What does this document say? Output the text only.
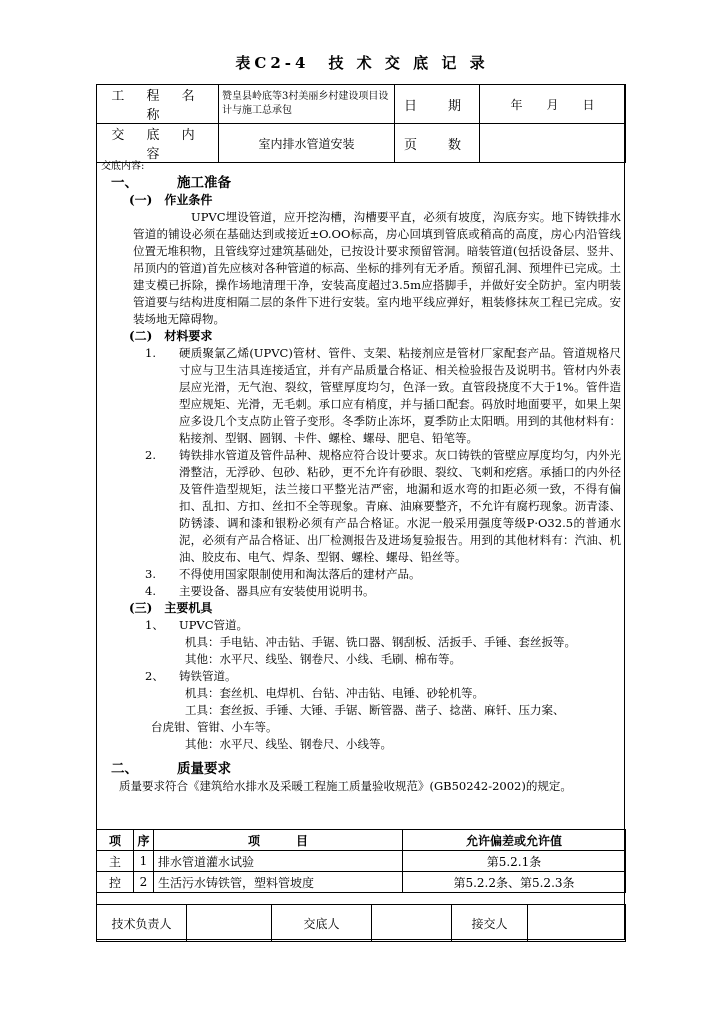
表C2-4　技 术 交 底 记 录
工 程 名 称	赞皇县岭底等3村美丽乡村建设项目设计与施工总承包	日　期	年　　月　　日
交 底 内 容	室内排水管道安装	页　数	

交底内容:

一、	施工准备

(一)　作业条件

UPVC埋设管道，应开挖沟槽，沟槽要平直，必须有坡度，沟底夯实。地下铸铁排水管道的铺设必须在基础达到或接近±O.OO标高，房心回填到管底或稍高的高度，房心内沿管线位置无堆积物，且管线穿过建筑基础处，已按设计要求预留管洞。暗装管道(包括设备层、竖井、吊顶内的管道)首先应核对各种管道的标高、坐标的排列有无矛盾。预留孔洞、预埋件已完成。土建支模已拆除，操作场地清理干净，安装高度超过3.5m应搭脚手，并做好安全防护。室内明装管道要与结构进度相隔二层的条件下进行安装。室内地平线应弹好，粗装修抹灰工程已完成。安装场地无障碍物。

(二)　材料要求

1. 硬质聚氯乙烯(UPVC)管材、管件、支架、粘接剂应是管材厂家配套产品。管道规格尺寸应与卫生洁具连接适宜，并有产品质量合格证、相关检验报告及说明书。管材内外表层应光滑，无气泡、裂纹，管壁厚度均匀，色泽一致。直管段挠度不大于1%。管件造型应规矩、光滑，无毛刺。承口应有梢度，并与插口配套。码放时地面要平，如果上架应多设几个支点防止管子变形。冬季防止冻坏，夏季防止太阳晒。用到的其他材料有：粘接剂、型钢、圆钢、卡件、螺栓、螺母、肥皂、铅笔等。
2. 铸铁排水管道及管件品种、规格应符合设计要求。灰口铸铁的管壁应厚度均匀，内外光滑整洁，无浮砂、包砂、粘砂，更不允许有砂眼、裂纹、飞刺和疙瘩。承插口的内外径及管件造型规矩，法兰接口平整光洁严密，地漏和返水弯的扣距必须一致，不得有偏扣、乱扣、方扣、丝扣不全等现象。青麻、油麻要整齐，不允许有腐朽现象。沥青漆、防锈漆、调和漆和银粉必须有产品合格证。水泥一般采用强度等级P·O32.5的普通水泥，必须有产品合格证、出厂检测报告及进场复验报告。用到的其他材料有：汽油、机油、胶皮布、电气、焊条、型钢、螺栓、螺母、铅丝等。
3. 不得使用国家限制使用和淘汰落后的建材产品。
4. 主要设备、器具应有安装使用说明书。

(三)　主要机具

1、 UPVC管道。

机具：手电钻、冲击钻、手锯、铣口器、钢刮板、活扳手、手锤、套丝扳等。

其他：水平尺、线坠、钢卷尺、小线、毛刷、棉布等。

2、 铸铁管道。

机具：套丝机、电焊机、台钻、冲击钻、电锤、砂轮机等。

工具：套丝扳、手锤、大锤、手锯、断管器、凿子、捻凿、麻钎、压力案、

台虎钳、管钳、小车等。

其他：水平尺、线坠、钢卷尺、小线等。

二、	质量要求

质量要求符合《建筑给水排水及采暖工程施工质量验收规范》(GB50242-2002)的规定。

项	序	项　　　目	允许偏差或允许值
主	1	排水管道灌水试验	第5.2.1条
控	2	生活污水铸铁管，塑料管坡度	第5.2.2条、第5.2.3条
技术负责人		交底人		接交人	
